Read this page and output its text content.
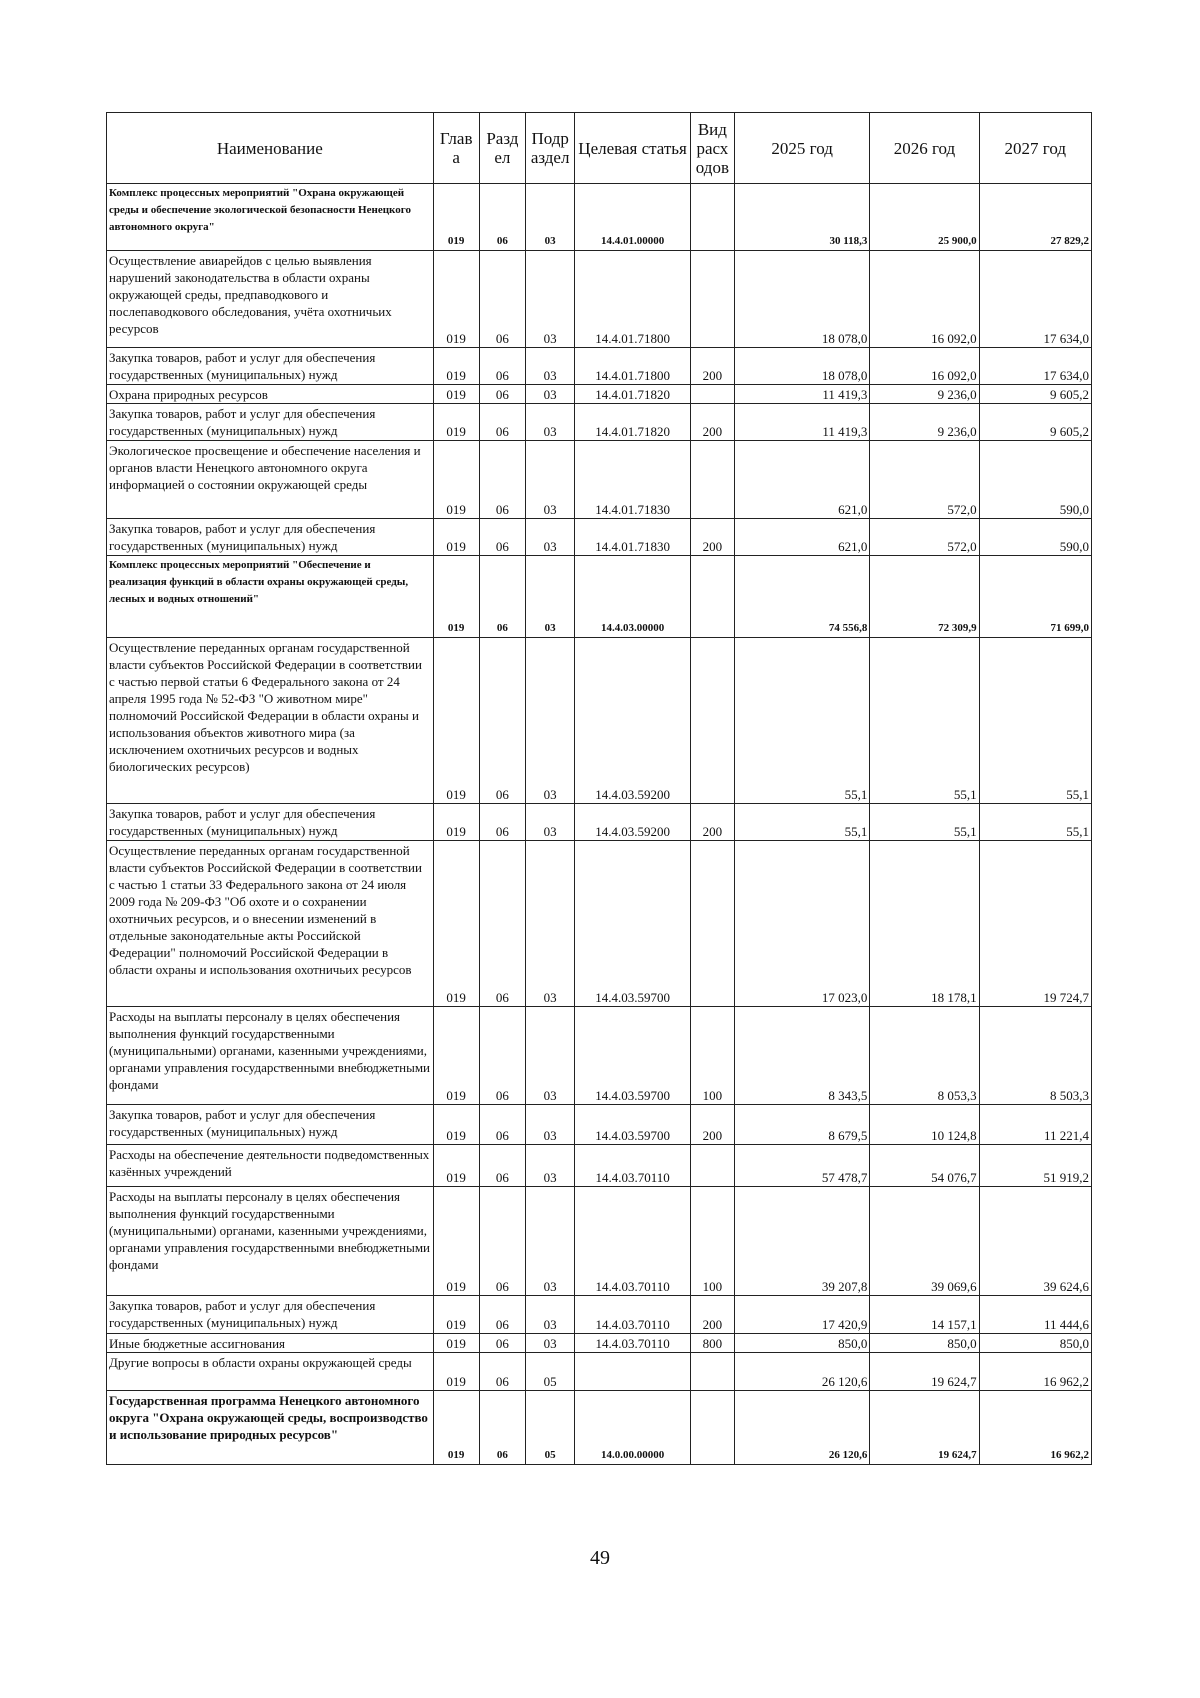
Наименование	Глав а	Разд ел	Подр аздел	Целевая статья	Вид расх одов	2025 год	2026 год	2027 год
Комплекс процессных мероприятий "Охрана окружающей среды и обеспечение экологической безопасности Ненецкого автономного округа"	019	06	03	14.4.01.00000		30 118,3	25 900,0	27 829,2
Осуществление авиарейдов с целью выявления нарушений законодательства в области охраны окружающей среды, предпаводкового и послепаводкового обследования, учёта охотничьих ресурсов	019	06	03	14.4.01.71800		18 078,0	16 092,0	17 634,0
Закупка товаров, работ и услуг для обеспечения государственных (муниципальных) нужд	019	06	03	14.4.01.71800	200	18 078,0	16 092,0	17 634,0
Охрана природных ресурсов	019	06	03	14.4.01.71820		11 419,3	9 236,0	9 605,2
Закупка товаров, работ и услуг для обеспечения государственных (муниципальных) нужд	019	06	03	14.4.01.71820	200	11 419,3	9 236,0	9 605,2
Экологическое просвещение и обеспечение населения и органов власти Ненецкого автономного округа информацией о состоянии окружающей среды	019	06	03	14.4.01.71830		621,0	572,0	590,0
Закупка товаров, работ и услуг для обеспечения государственных (муниципальных) нужд	019	06	03	14.4.01.71830	200	621,0	572,0	590,0
Комплекс процессных мероприятий "Обеспечение и реализация функций в области охраны окружающей среды, лесных и водных отношений"	019	06	03	14.4.03.00000		74 556,8	72 309,9	71 699,0
Осуществление переданных органам государственной власти субъектов Российской Федерации в соответствии с частью первой статьи 6 Федерального закона от 24 апреля 1995 года № 52-ФЗ "О животном мире" полномочий Российской Федерации в области охраны и использования объектов животного мира (за исключением охотничьих ресурсов и водных биологических ресурсов)	019	06	03	14.4.03.59200		55,1	55,1	55,1
Закупка товаров, работ и услуг для обеспечения государственных (муниципальных) нужд	019	06	03	14.4.03.59200	200	55,1	55,1	55,1
Осуществление переданных органам государственной власти субъектов Российской Федерации в соответствии с частью 1 статьи 33 Федерального закона от 24 июля 2009 года № 209-ФЗ "Об охоте и о сохранении охотничьих ресурсов, и о внесении изменений в отдельные законодательные акты Российской Федерации" полномочий Российской Федерации в области охраны и использования охотничьих ресурсов	019	06	03	14.4.03.59700		17 023,0	18 178,1	19 724,7
Расходы на выплаты персоналу в целях обеспечения выполнения функций государственными (муниципальными) органами, казенными учреждениями, органами управления государственными внебюджетными фондами	019	06	03	14.4.03.59700	100	8 343,5	8 053,3	8 503,3
Закупка товаров, работ и услуг для обеспечения государственных (муниципальных) нужд	019	06	03	14.4.03.59700	200	8 679,5	10 124,8	11 221,4
Расходы на обеспечение деятельности подведомственных казённых учреждений	019	06	03	14.4.03.70110		57 478,7	54 076,7	51 919,2
Расходы на выплаты персоналу в целях обеспечения выполнения функций государственными (муниципальными) органами, казенными учреждениями, органами управления государственными внебюджетными фондами	019	06	03	14.4.03.70110	100	39 207,8	39 069,6	39 624,6
Закупка товаров, работ и услуг для обеспечения государственных (муниципальных) нужд	019	06	03	14.4.03.70110	200	17 420,9	14 157,1	11 444,6
Иные бюджетные ассигнования	019	06	03	14.4.03.70110	800	850,0	850,0	850,0
Другие вопросы в области охраны окружающей среды	019	06	05			26 120,6	19 624,7	16 962,2
Государственная программа Ненецкого автономного округа "Охрана окружающей среды, воспроизводство и использование природных ресурсов"	019	06	05	14.0.00.00000		26 120,6	19 624,7	16 962,2
49
